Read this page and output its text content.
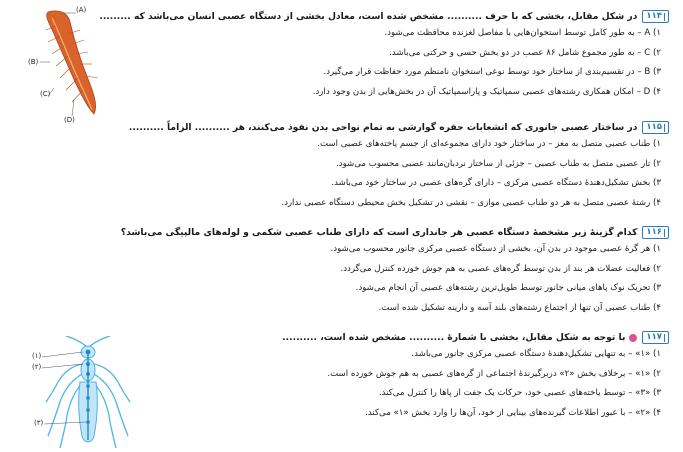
(A)
(B)
(C)
(D)
(۱)
(۲)
(۳)
۱۱۴
در شکل مقابل، بخشی که با حرف .......... مشخص شده است، معادل بخشی از دستگاه عصبی انسان می‌باشد که .........
۱) A – به طور کامل توسط استخوان‌هایی با مفاصل لغزنده محافظت می‌شود.
۲) C – به طور مجموع شامل ۸۶ عصب در دو بخش حسی و حرکتی می‌باشد.
۳) B – در تقسیم‌بندی از ساختار خود توسط نوعی استخوان نامنظم مورد حفاظت قرار می‌گیرد.
۴) D – امکان همکاری رشته‌های عصبی سمپاتیک و پاراسمپاتیک آن در بخش‌هایی از بدن وجود دارد.
۱۱۵
در ساختار عصبی جانوری که انشعابات حفره گوارشی به تمام نواحی بدن نفوذ می‌کنند، هر .......... الزاماً ..........
۱) طناب عصبی متصل به مغز – در ساختار خود دارای مجموعه‌ای از جسم یاخته‌های عصبی است.
۲) تار عصبی متصل به طناب عصبی – جزئی از ساختار نردبان‌مانند عصبی محسوب می‌شود.
۳) بخش تشکیل‌دهندهٔ دستگاه عصبی مرکزی – دارای گره‌های عصبی در ساختار خود می‌باشد.
۴) رشتهٔ عصبی متصل به هر دو طناب عصبی موازی – نقشی در تشکیل بخش محیطی دستگاه عصبی ندارد.
۱۱۶
کدام گزینهٔ زیر مشخصهٔ دستگاه عصبی هر جانداری است که دارای طناب عصبی شکمی و لوله‌های مالپیگی می‌باشد؟
۱) هر گرهٔ عصبی موجود در بدن آن، بخشی از دستگاه عصبی مرکزی جانور محسوب می‌شود.
۲) فعالیت عضلات هر بند از بدن توسط گره‌های عصبی به هم جوش خورده کنترل می‌گردد.
۳) تحریک نوک پاهای میانی جانور توسط طویل‌ترین رشته‌های عصبی آن انجام می‌شود.
۴) طناب عصبی آن تنها از اجتماع رشته‌های بلند آسه و دارینه تشکیل شده است.
۱۱۷
با توجه به شکل مقابل، بخشی با شمارهٔ .......... مشخص شده است، ..........
۱) «۱» – به تنهایی تشکیل‌دهندهٔ دستگاه عصبی مرکزی جانور می‌باشد.
۲) «۱» – برخلاف بخش «۲» دربرگیرندهٔ اجتماعی از گره‌های عصبی به هم جوش خورده است.
۳) «۳» – توسط یاخته‌های عصبی خود، حرکات یک جفت از پاها را کنترل می‌کند.
۴) «۲» – با عبور اطلاعات گیرنده‌های بینایی از خود، آن‌ها را وارد بخش «۱» می‌کند.
